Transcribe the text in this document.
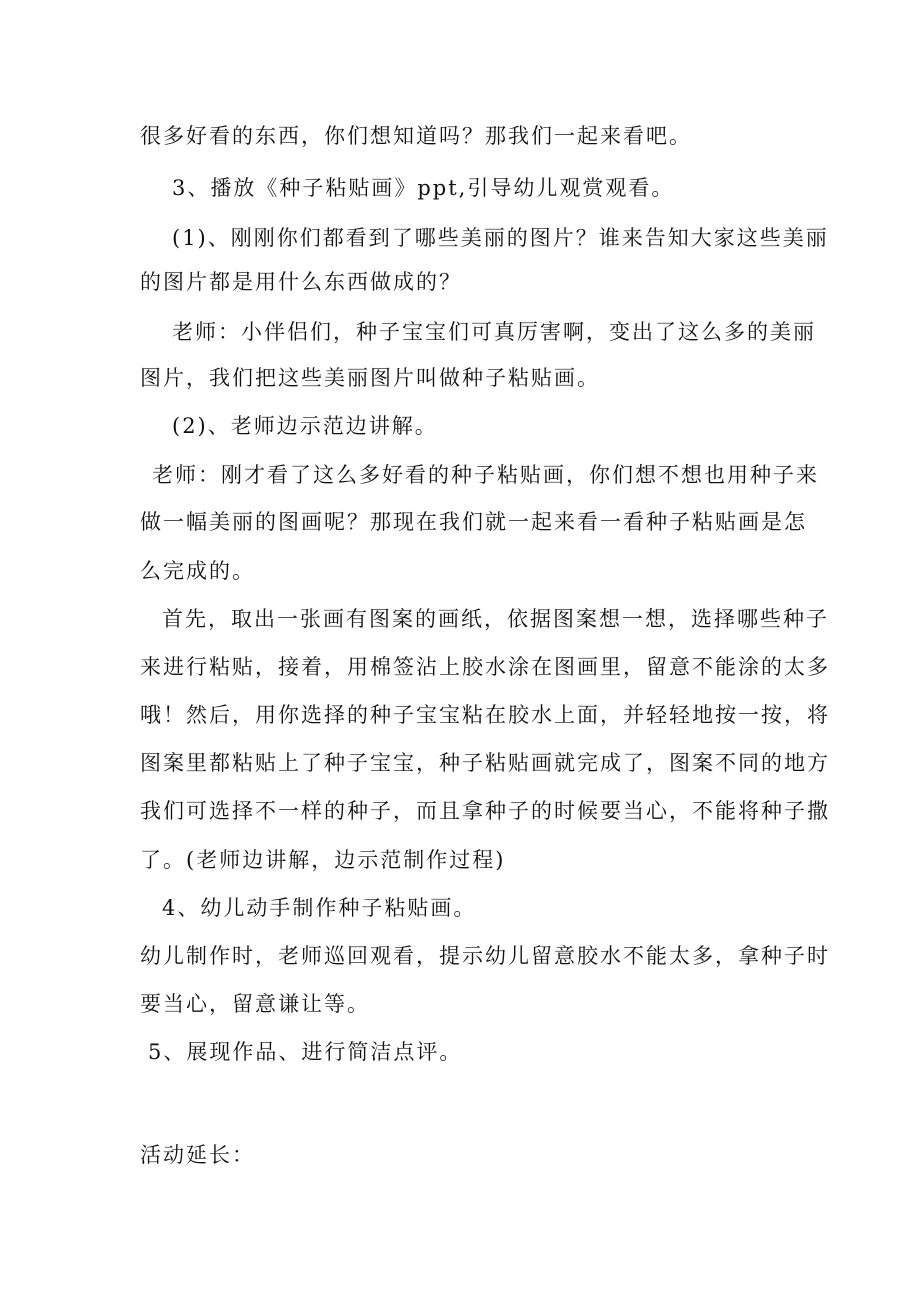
很多好看的东西，你们想知道吗？那我们一起来看吧。
3、播放《种子粘贴画》ppt,引导幼儿观赏观看。
(1)、刚刚你们都看到了哪些美丽的图片？谁来告知大家这些美丽
的图片都是用什么东西做成的？
老师：小伴侣们，种子宝宝们可真厉害啊，变出了这么多的美丽
图片，我们把这些美丽图片叫做种子粘贴画。
(2)、老师边示范边讲解。
老师：刚才看了这么多好看的种子粘贴画，你们想不想也用种子来
做一幅美丽的图画呢？那现在我们就一起来看一看种子粘贴画是怎
么完成的。
首先，取出一张画有图案的画纸，依据图案想一想，选择哪些种子
来进行粘贴，接着，用棉签沾上胶水涂在图画里，留意不能涂的太多
哦！然后，用你选择的种子宝宝粘在胶水上面，并轻轻地按一按，将
图案里都粘贴上了种子宝宝，种子粘贴画就完成了，图案不同的地方
我们可选择不一样的种子，而且拿种子的时候要当心，不能将种子撒
了。(老师边讲解，边示范制作过程)
4、幼儿动手制作种子粘贴画。
幼儿制作时，老师巡回观看，提示幼儿留意胶水不能太多，拿种子时
要当心，留意谦让等。
5、展现作品、进行简洁点评。
活动延长：
